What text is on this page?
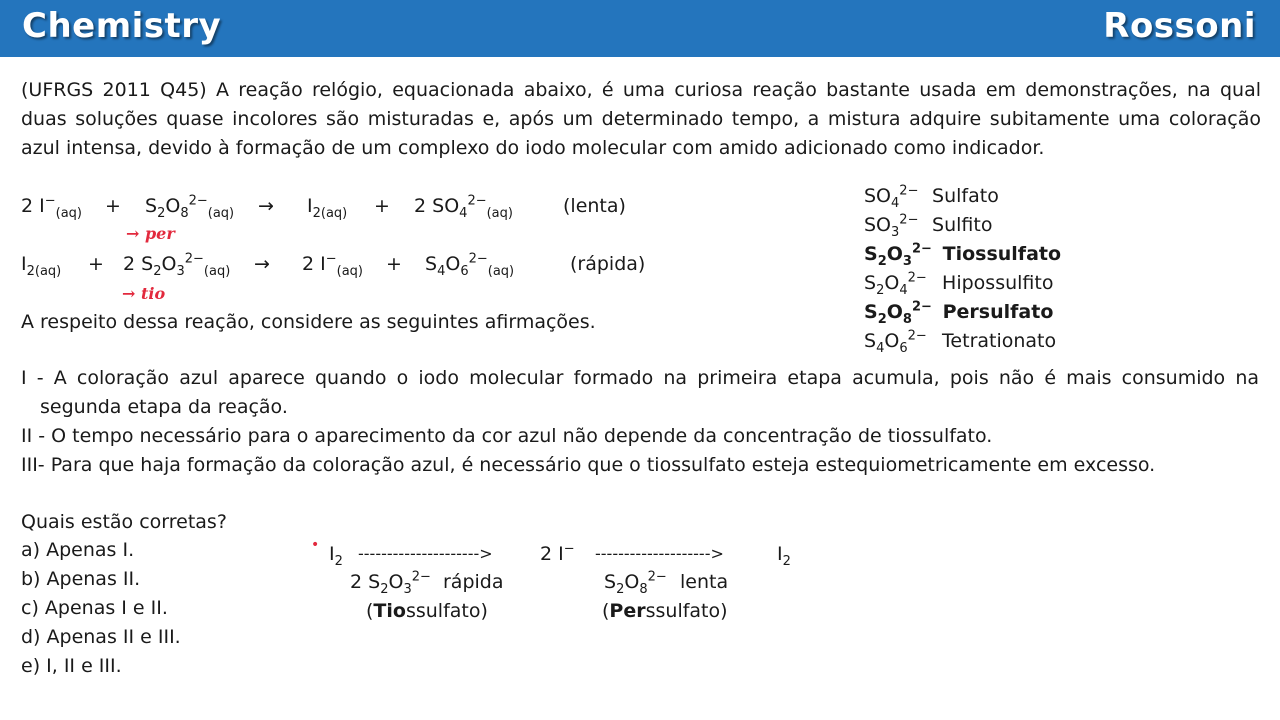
Chemistry	Rossoni
(UFRGS 2011 Q45) A reação relógio, equacionada abaixo, é uma curiosa reação bastante usada em demonstrações, na qual
duas soluções quase incolores são misturadas e, após um determinado tempo, a mistura adquire subitamente uma coloração
azul intensa, devido à formação de um complexo do iodo molecular com amido adicionado como indicador.
2 $I^-_{(aq)} + S_2O_8^{2-}_{(aq)} \to I_{2(aq)} + 2$ $SO_4^{2-}_{(aq)}$	(lenta)
→ per
$I_{2(aq)} + 2$ $S_2O_3^{2-}_{(aq)} \to 2$ $I^-_{(aq)} + S_4O_6^{2-}_{(aq)}$	(rápida)
→ tio
A respeito dessa reação, considere as seguintes afirmações.
$SO_4^{2-}$ Sulfato
$SO_3^{2-}$ Sulfito
$S_2O_3^{2-}$ Tiossulfato
$S_2O_4^{2-}$ Hipossulfito
$S_2O_8^{2-}$ Persulfato
$S_4O_6^{2-}$ Tetrationato
I - A coloração azul aparece quando o iodo molecular formado na primeira etapa acumula, pois não é mais consumido na
segunda etapa da reação.
II - O tempo necessário para o aparecimento da cor azul não depende da concentração de tiossulfato.
III- Para que haja formação da coloração azul, é necessário que o tiossulfato esteja estequiometricamente em excesso.
Quais estão corretas?
a) Apenas I.
b) Apenas II.
c) Apenas I e II.
d) Apenas II e III.
e) I, II e III.
• $I_2$ ---------------------> 2 I− -------------------->	$I_2$
2 $S_2O_3^{2-}$ rápida	$S_2O_8^{2-}$ lenta
(Tiossulfato)	(Perssulfato)
